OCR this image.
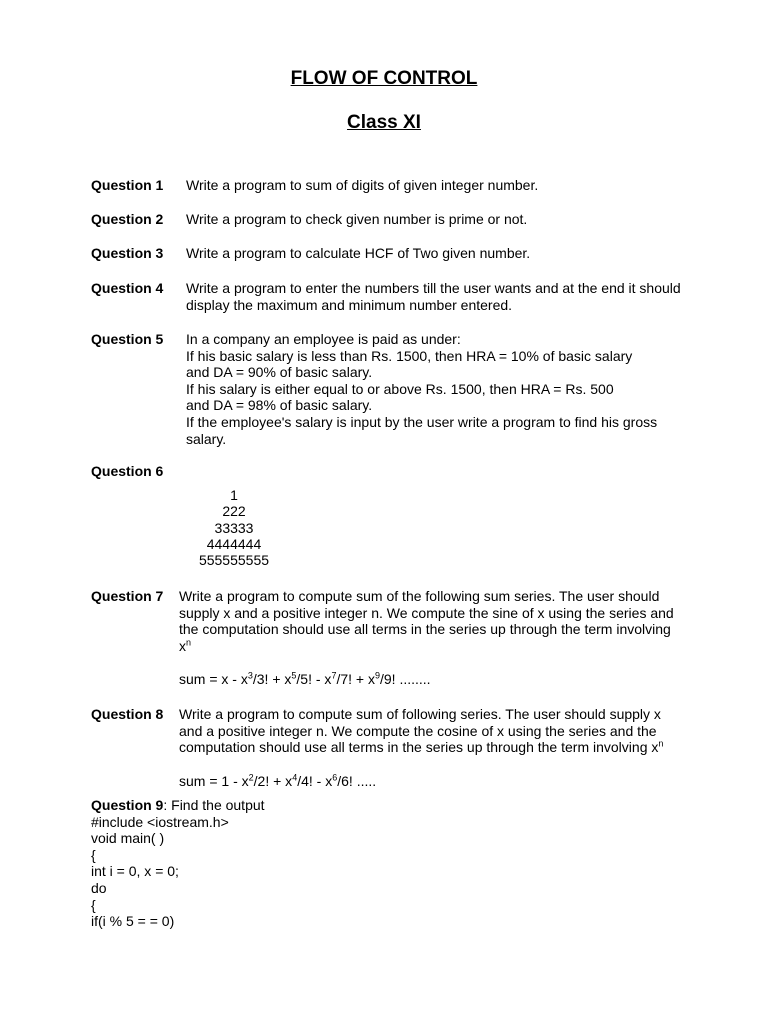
FLOW OF CONTROL
Class XI
Question 1 Write a program to sum of digits of given integer number.
Question 2 Write a program to check given number is prime or not.
Question 3 Write a program to calculate HCF of Two given number.
Question 4 Write a program to enter the numbers till the user wants and at the end it should
display the maximum and minimum number entered.
Question 5 In a company an employee is paid as under:
If his basic salary is less than Rs. 1500, then HRA = 10% of basic salary
and DA = 90% of basic salary.
If his salary is either equal to or above Rs. 1500, then HRA = Rs. 500
and DA = 98% of basic salary.
If the employee's salary is input by the user write a program to find his gross
salary.
Question 6
1
222
33333
4444444
555555555
Question 7 Write a program to compute sum of the following sum series. The user should
supply x and a positive integer n. We compute the sine of x using the series and
the computation should use all terms in the series up through the term involving
$x^n$
sum = x - $x^3/3$! + $x^5/5$! - $x^7/7$! + $x^9/9$! ........
Question 8 Write a program to compute sum of following series. The user should supply x
and a positive integer n. We compute the cosine of x using the series and the
computation should use all terms in the series up through the term involving $x^n$
sum = $1 - x^2/2$! + $x^4/4$! - $x^6/6$! .....
Question 9: Find the output
#include <iostream.h>
void main( )
{
int i = 0, x = 0;
do
{
if(i % 5 = = 0)
